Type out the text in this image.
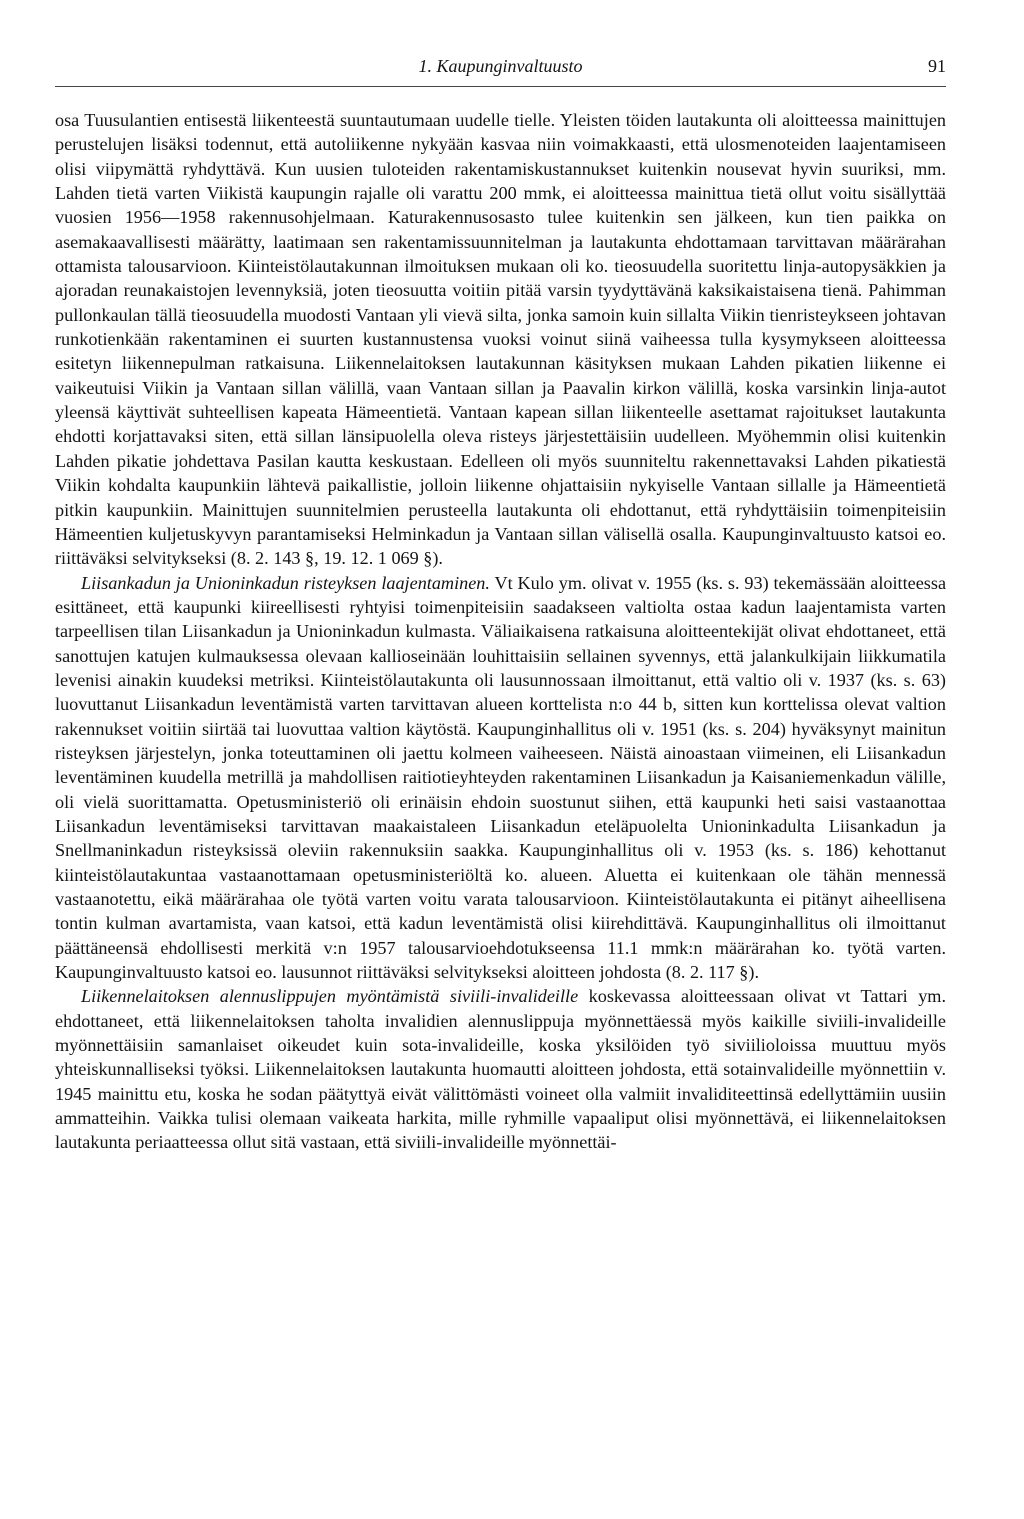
1. Kaupunginvaltuusto	91

osa Tuusulantien entisestä liikenteestä suuntautumaan uudelle tielle. Yleisten töiden lautakunta oli aloitteessa mainittujen perustelujen lisäksi todennut, että autoliikenne nykyään kasvaa niin voimakkaasti, että ulosmenoteiden laajentamiseen olisi viipymättä ryhdyttävä. Kun uusien tuloteiden rakentamiskustannukset kuitenkin nousevat hyvin suuriksi, mm. Lahden tietä varten Viikistä kaupungin rajalle oli varattu 200 mmk, ei aloitteessa mainittua tietä ollut voitu sisällyttää vuosien 1956—1958 rakennusohjelmaan. Katurakennusosasto tulee kuitenkin sen jälkeen, kun tien paikka on asemakaavallisesti määrätty, laatimaan sen rakentamissuunnitelman ja lautakunta ehdottamaan tarvittavan määrärahan ottamista talousarvioon. Kiinteistölautakunnan ilmoituksen mukaan oli ko. tieosuudella suoritettu linja-autopysäkkien ja ajoradan reunakaistojen levennyksiä, joten tieosuutta voitiin pitää varsin tyydyttävänä kaksikaistaisena tienä. Pahimman pullonkaulan tällä tieosuudella muodosti Vantaan yli vievä silta, jonka samoin kuin sillalta Viikin tienristeykseen johtavan runkotienkään rakentaminen ei suurten kustannustensa vuoksi voinut siinä vaiheessa tulla kysymykseen aloitteessa esitetyn liikennepulman ratkaisuna. Liikennelaitoksen lautakunnan käsityksen mukaan Lahden pikatien liikenne ei vaikeutuisi Viikin ja Vantaan sillan välillä, vaan Vantaan sillan ja Paavalin kirkon välillä, koska varsinkin linja-autot yleensä käyttivät suhteellisen kapeata Hämeentietä. Vantaan kapean sillan liikenteelle asettamat rajoitukset lautakunta ehdotti korjattavaksi siten, että sillan länsipuolella oleva risteys järjestettäisiin uudelleen. Myöhemmin olisi kuitenkin Lahden pikatie johdettava Pasilan kautta keskustaan. Edelleen oli myös suunniteltu rakennettavaksi Lahden pikatiestä Viikin kohdalta kaupunkiin lähtevä paikallistie, jolloin liikenne ohjattaisiin nykyiselle Vantaan sillalle ja Hämeentietä pitkin kaupunkiin. Mainittujen suunnitelmien perusteella lautakunta oli ehdottanut, että ryhdyttäisiin toimenpiteisiin Hämeentien kuljetuskyvyn parantamiseksi Helminkadun ja Vantaan sillan välisellä osalla. Kaupunginvaltuusto katsoi eo. riittäväksi selvitykseksi (8. 2. 143 §, 19. 12. 1 069 §).

Liisankadun ja Unioninkadun risteyksen laajentaminen. Vt Kulo ym. olivat v. 1955 (ks. s. 93) tekemässään aloitteessa esittäneet, että kaupunki kiireellisesti ryhtyisi toimenpiteisiin saadakseen valtiolta ostaa kadun laajentamista varten tarpeellisen tilan Liisankadun ja Unioninkadun kulmasta. Väliaikaisena ratkaisuna aloitteentekijät olivat ehdottaneet, että sanottujen katujen kulmauksessa olevaan kallioseinään louhittaisiin sellainen syvennys, että jalankulkijain liikkumatila levenisi ainakin kuudeksi metriksi. Kiinteistölautakunta oli lausunnossaan ilmoittanut, että valtio oli v. 1937 (ks. s. 63) luovuttanut Liisankadun leventämistä varten tarvittavan alueen korttelista n:o 44 b, sitten kun korttelissa olevat valtion rakennukset voitiin siirtää tai luovuttaa valtion käytöstä. Kaupunginhallitus oli v. 1951 (ks. s. 204) hyväksynyt mainitun risteyksen järjestelyn, jonka toteuttaminen oli jaettu kolmeen vaiheeseen. Näistä ainoastaan viimeinen, eli Liisankadun leventäminen kuudella metrillä ja mahdollisen raitiotieyhteyden rakentaminen Liisankadun ja Kaisaniemenkadun välille, oli vielä suorittamatta. Opetusministeriö oli erinäisin ehdoin suostunut siihen, että kaupunki heti saisi vastaanottaa Liisankadun leventämiseksi tarvittavan maakaistaleen Liisankadun eteläpuolelta Unioninkadulta Liisankadun ja Snellmaninkadun risteyksissä oleviin rakennuksiin saakka. Kaupunginhallitus oli v. 1953 (ks. s. 186) kehottanut kiinteistölautakuntaa vastaanottamaan opetusministeriöltä ko. alueen. Aluetta ei kuitenkaan ole tähän mennessä vastaanotettu, eikä määrärahaa ole työtä varten voitu varata talousarvioon. Kiinteistölautakunta ei pitänyt aiheellisena tontin kulman avartamista, vaan katsoi, että kadun leventämistä olisi kiirehdittävä. Kaupunginhallitus oli ilmoittanut päättäneensä ehdollisesti merkitä v:n 1957 talousarvioehdotukseensa 11.1 mmk:n määrärahan ko. työtä varten. Kaupunginvaltuusto katsoi eo. lausunnot riittäväksi selvitykseksi aloitteen johdosta (8. 2. 117 §).

Liikennelaitoksen alennuslippujen myöntämistä siviili-invalideille koskevassa aloitteessaan olivat vt Tattari ym. ehdottaneet, että liikennelaitoksen taholta invalidien alennuslippuja myönnettäessä myös kaikille siviili-invalideille myönnettäisiin samanlaiset oikeudet kuin sota-invalideille, koska yksilöiden työ siviilioloissa muuttuu myös yhteiskunnalliseksi työksi. Liikennelaitoksen lautakunta huomautti aloitteen johdosta, että sotainvalideille myönnettiin v. 1945 mainittu etu, koska he sodan päätyttyä eivät välittömästi voineet olla valmiit invaliditeettinsä edellyttämiin uusiin ammatteihin. Vaikka tulisi olemaan vaikeata harkita, mille ryhmille vapaaliput olisi myönnettävä, ei liikennelaitoksen lautakunta periaatteessa ollut sitä vastaan, että siviili-invalideille myönnettäi-
